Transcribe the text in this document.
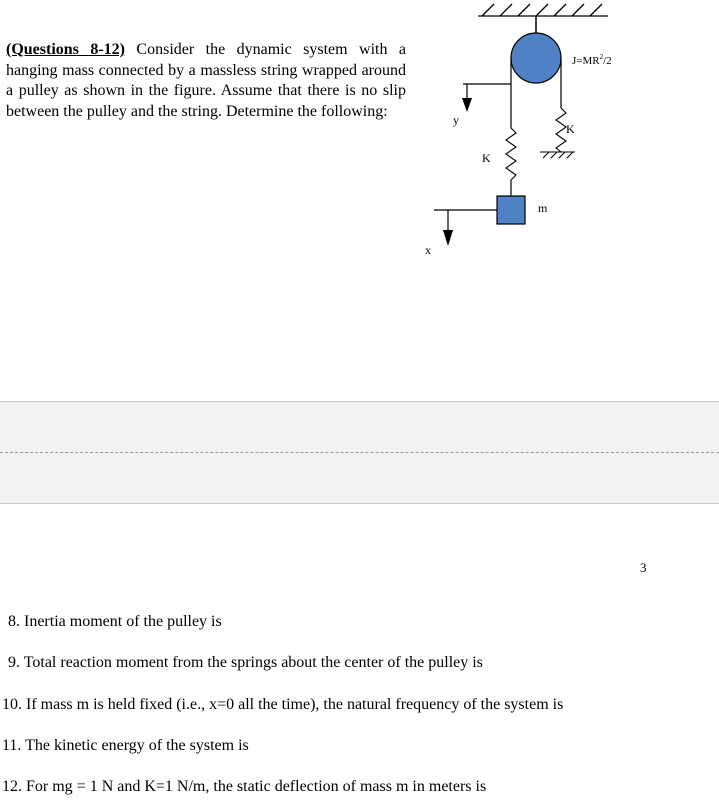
(Questions 8-12) Consider the dynamic system with a hanging mass connected by a massless string wrapped around a pulley as shown in the figure. Assume that there is no slip between the pulley and the string. Determine the following:
$J=MR^2/2$
y
K
m
x
K
3
8. Inertia moment of the pulley is
9. Total reaction moment from the springs about the center of the pulley is
10. If mass m is held fixed (i.e., x=0 all the time), the natural frequency of the system is
11. The kinetic energy of the system is
12. For mg = 1 N and K=1 N/m, the static deflection of mass m in meters is
